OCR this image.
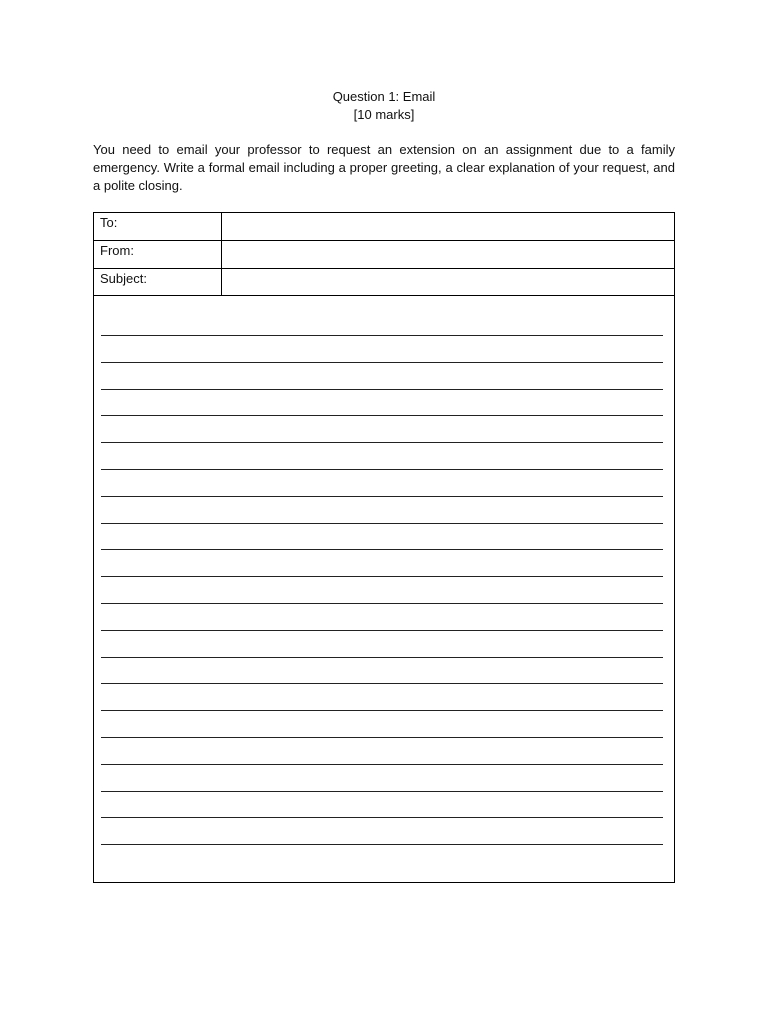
Question 1: Email
[10 marks]
You need to email your professor to request an extension on an assignment due to a family emergency. Write a formal email including a proper greeting, a clear explanation of your request, and a polite closing.
To:
From:
Subject:
